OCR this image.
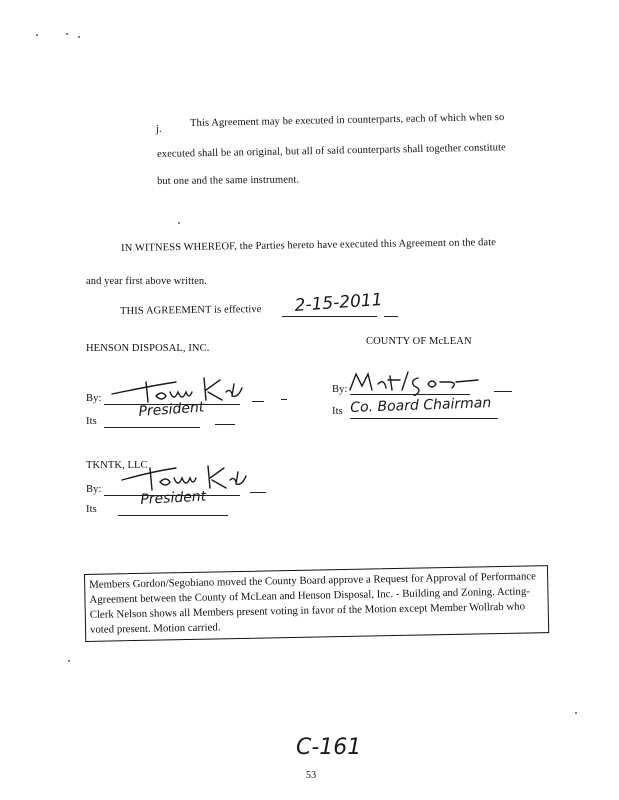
j.
This Agreement may be executed in counterparts, each of which when so
executed shall be an original, but all of said counterparts shall together constitute
but one and the same instrument.
IN WITNESS WHEREOF, the Parties hereto have executed this Agreement on the date
and year first above written.
THIS AGREEMENT is effective 2-15-2011
HENSON DISPOSAL, INC.
COUNTY OF McLEAN
By:
Its
President
By:
Its Co. Board Chairman
TKNTK, LLC
By:
Its
President

Members Gordon/Segobiano moved the County Board approve a Request for Approval of Performance Agreement between the County of McLean and Henson Disposal, Inc. - Building and Zoning. Acting-Clerk Nelson shows all Members present voting in favor of the Motion except Member Wollrab who voted present. Motion carried.

C-161
53
